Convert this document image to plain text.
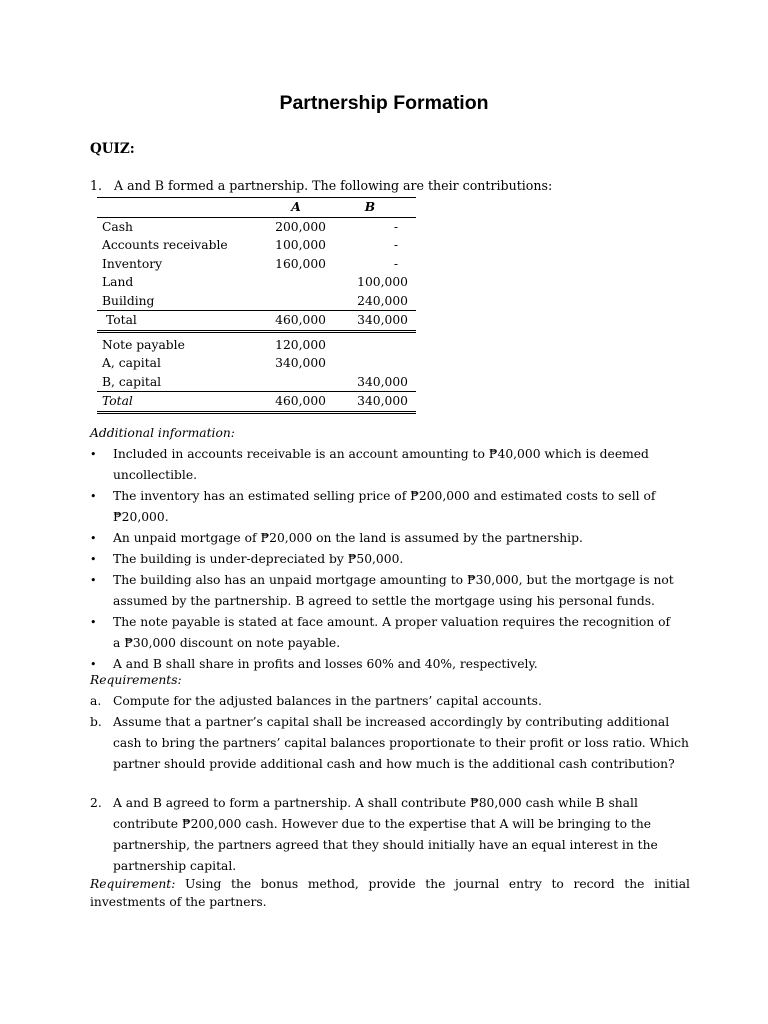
Partnership Formation
QUIZ:
1. A and B formed a partnership. The following are their contributions:
	A	B
Cash	200,000	-
Accounts receivable	100,000	-
Inventory	160,000	-
Land		100,000
Building		240,000
Total	460,000	340,000
Note payable	120,000	
A, capital	340,000	
B, capital		340,000
Total	460,000	340,000
Additional information:
• Included in accounts receivable is an account amounting to ₱40,000 which is deemed uncollectible.
• The inventory has an estimated selling price of ₱200,000 and estimated costs to sell of ₱20,000.
• An unpaid mortgage of ₱20,000 on the land is assumed by the partnership.
• The building is under-depreciated by ₱50,000.
• The building also has an unpaid mortgage amounting to ₱30,000, but the mortgage is not assumed by the partnership. B agreed to settle the mortgage using his personal funds.
• The note payable is stated at face amount. A proper valuation requires the recognition of a ₱30,000 discount on note payable.
• A and B shall share in profits and losses 60% and 40%, respectively.
Requirements:
a. Compute for the adjusted balances in the partners’ capital accounts.
b. Assume that a partner’s capital shall be increased accordingly by contributing additional cash to bring the partners’ capital balances proportionate to their profit or loss ratio. Which partner should provide additional cash and how much is the additional cash contribution?
2. A and B agreed to form a partnership. A shall contribute ₱80,000 cash while B shall contribute ₱200,000 cash. However due to the expertise that A will be bringing to the partnership, the partners agreed that they should initially have an equal interest in the partnership capital.
Requirement: Using the bonus method, provide the journal entry to record the initial investments of the partners.
